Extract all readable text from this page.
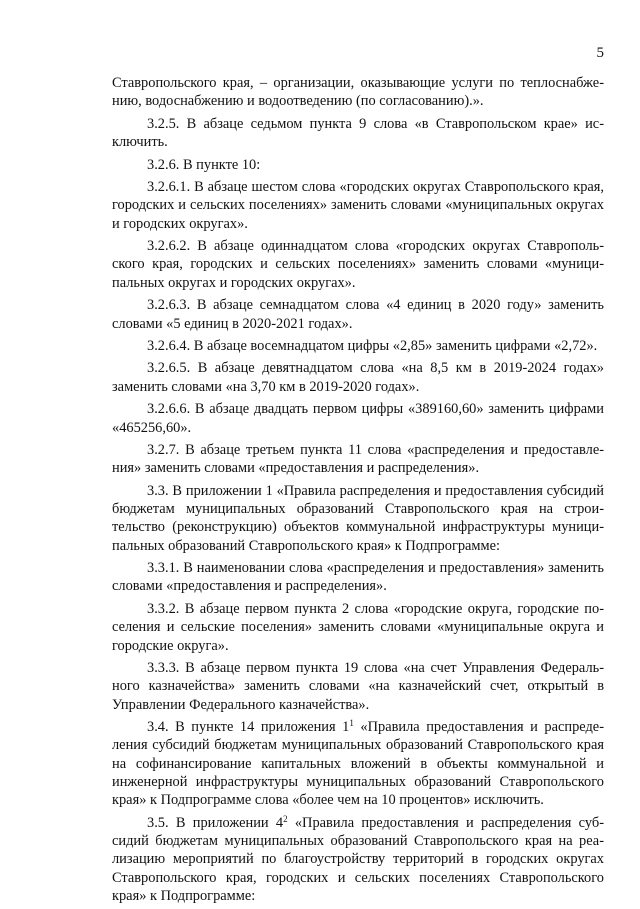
5

Ставропольского края, – организации, оказывающие услуги по теплоснабжению, водоснабжению и водоотведению (по согласованию).».

3.2.5. В абзаце седьмом пункта 9 слова «в Ставропольском крае» исключить.

3.2.6. В пункте 10:

3.2.6.1. В абзаце шестом слова «городских округах Ставропольского края, городских и сельских поселениях» заменить словами «муниципальных округах и городских округах».

3.2.6.2. В абзаце одиннадцатом слова «городских округах Ставропольского края, городских и сельских поселениях» заменить словами «муниципальных округах и городских округах».

3.2.6.3. В абзаце семнадцатом слова «4 единиц в 2020 году» заменить словами «5 единиц в 2020-2021 годах».

3.2.6.4. В абзаце восемнадцатом цифры «2,85» заменить цифрами «2,72».

3.2.6.5. В абзаце девятнадцатом слова «на 8,5 км в 2019-2024 годах» заменить словами «на 3,70 км в 2019-2020 годах».

3.2.6.6. В абзаце двадцать первом цифры «389160,60» заменить цифрами «465256,60».

3.2.7. В абзаце третьем пункта 11 слова «распределения и предоставления» заменить словами «предоставления и распределения».

3.3. В приложении 1 «Правила распределения и предоставления субсидий бюджетам муниципальных образований Ставропольского края на строительство (реконструкцию) объектов коммунальной инфраструктуры муниципальных образований Ставропольского края» к Подпрограмме:

3.3.1. В наименовании слова «распределения и предоставления» заменить словами «предоставления и распределения».

3.3.2. В абзаце первом пункта 2 слова «городские округа, городские поселения и сельские поселения» заменить словами «муниципальные округа и городские округа».

3.3.3. В абзаце первом пункта 19 слова «на счет Управления Федерального казначейства» заменить словами «на казначейский счет, открытый в Управлении Федерального казначейства».

3.4. В пункте 14 приложения $1^1$ «Правила предоставления и распределения субсидий бюджетам муниципальных образований Ставропольского края на софинансирование капитальных вложений в объекты коммунальной и инженерной инфраструктуры муниципальных образований Ставропольского края» к Подпрограмме слова «более чем на 10 процентов» исключить.

3.5. В приложении $4^2$ «Правила предоставления и распределения субсидий бюджетам муниципальных образований Ставропольского края на реализацию мероприятий по благоустройству территорий в городских округах Ставропольского края, городских и сельских поселениях Ставропольского края» к Подпрограмме:
